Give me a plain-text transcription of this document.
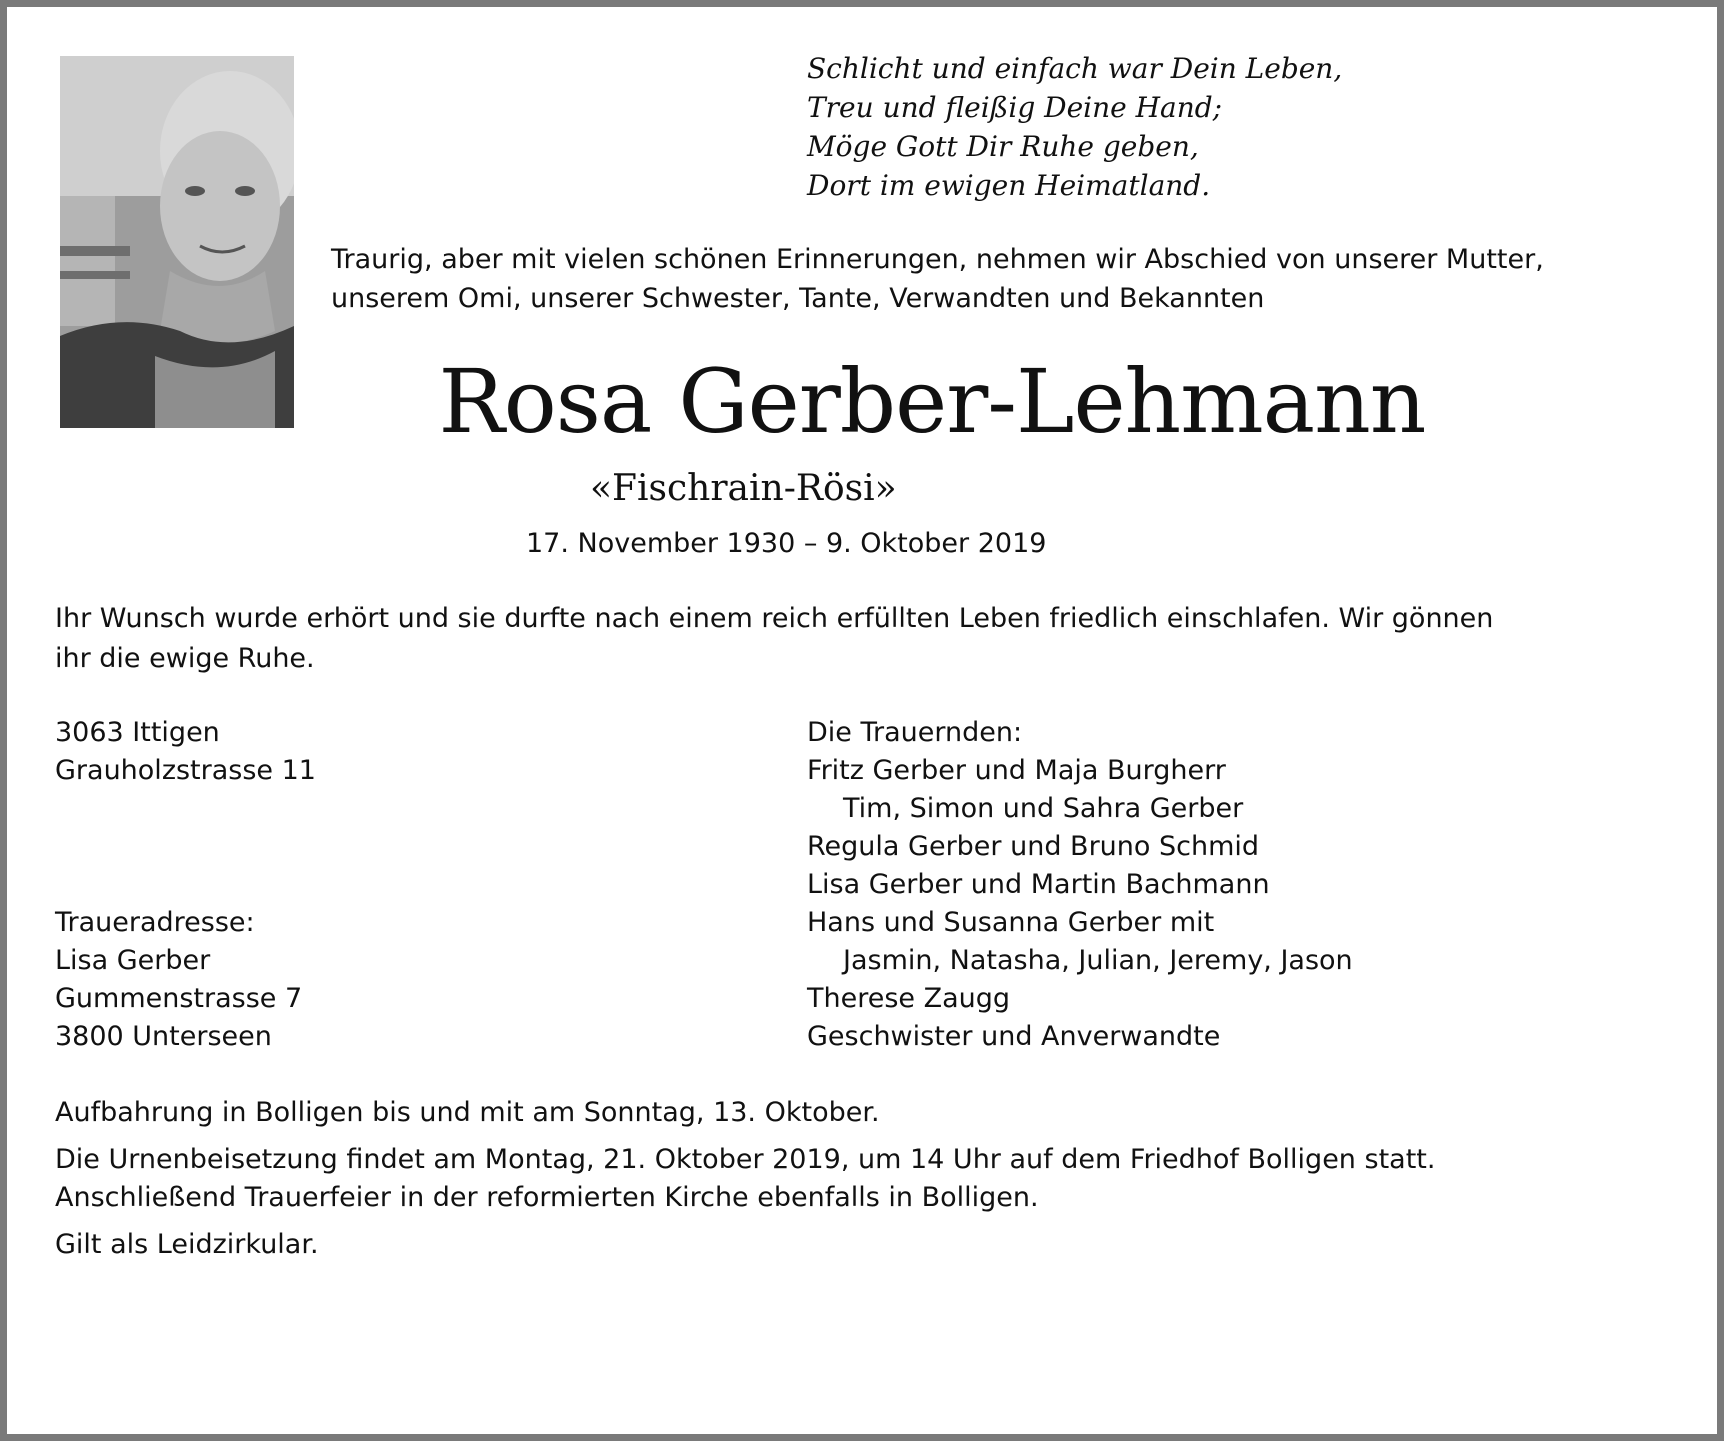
Schlicht und einfach war Dein Leben,
Treu und fleißig Deine Hand;
Möge Gott Dir Ruhe geben,
Dort im ewigen Heimatland.
Traurig, aber mit vielen schönen Erinnerungen, nehmen wir Abschied von unserer Mutter,
unserem Omi, unserer Schwester, Tante, Verwandten und Bekannten
Rosa Gerber-Lehmann
«Fischrain-Rösi»
17. November 1930 – 9. Oktober 2019

Ihr Wunsch wurde erhört und sie durfte nach einem reich erfüllten Leben friedlich einschlafen. Wir gönnen ihr die ewige Ruhe.

3063 Ittigen
Grauholzstrasse 11
Traueradresse:
Lisa Gerber
Gummenstrasse 7
3800 Unterseen
Die Trauernden:
Fritz Gerber und Maja Burgherr
Tim, Simon und Sahra Gerber
Regula Gerber und Bruno Schmid
Lisa Gerber und Martin Bachmann
Hans und Susanna Gerber mit
Jasmin, Natasha, Julian, Jeremy, Jason
Therese Zaugg
Geschwister und Anverwandte

Aufbahrung in Bolligen bis und mit am Sonntag, 13. Oktober.

Die Urnenbeisetzung findet am Montag, 21. Oktober 2019, um 14 Uhr auf dem Friedhof Bolligen statt.
Anschließend Trauerfeier in der reformierten Kirche ebenfalls in Bolligen.

Gilt als Leidzirkular.
